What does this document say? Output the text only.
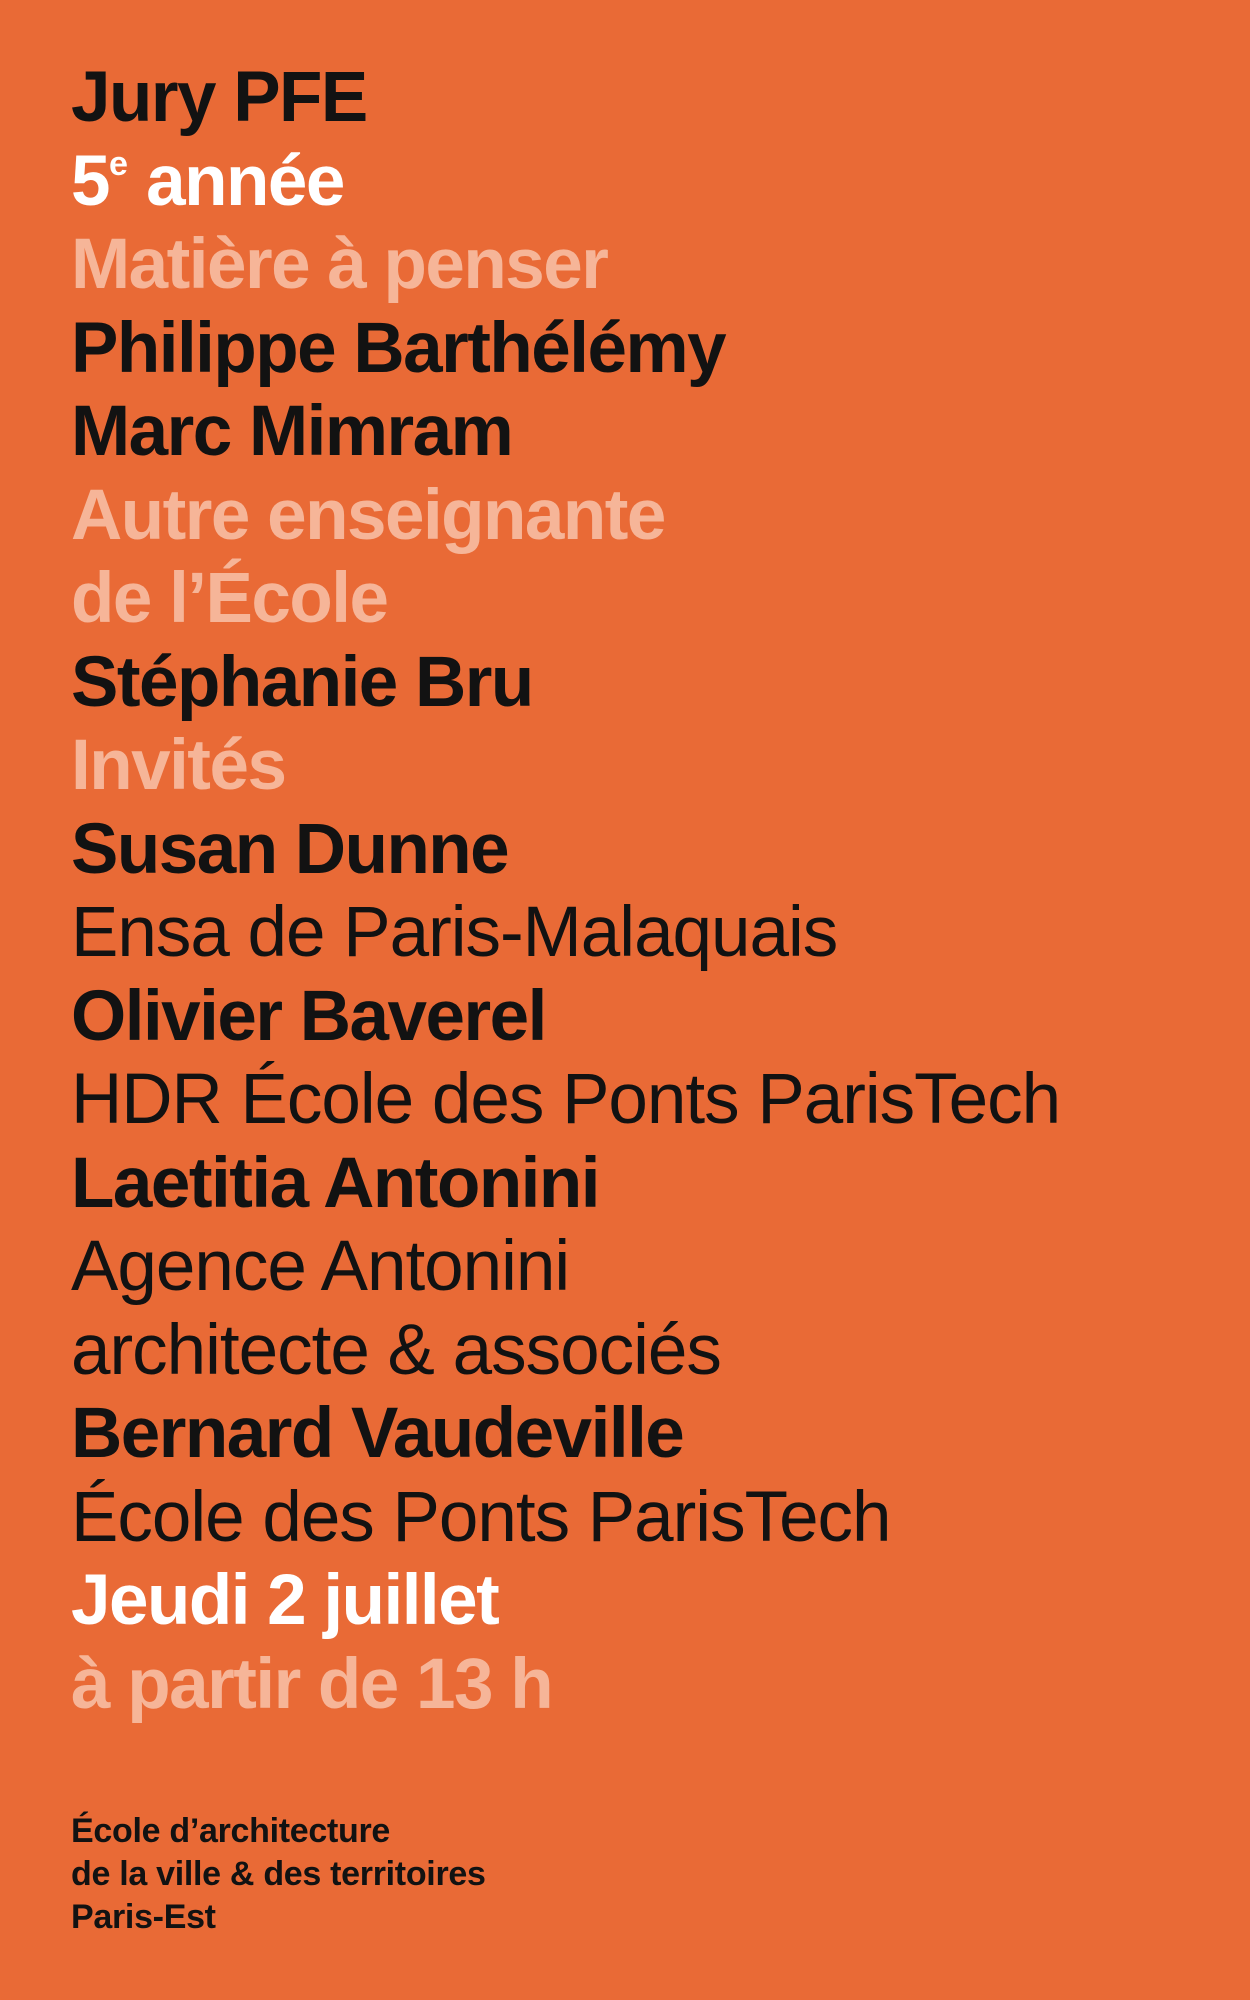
Jury PFE
5e année
Matière à penser
Philippe Barthélémy
Marc Mimram
Autre enseignante
de l’École
Stéphanie Bru
Invités
Susan Dunne
Ensa de Paris-Malaquais
Olivier Baverel
HDR École des Ponts ParisTech
Laetitia Antonini
Agence Antonini
architecte & associés
Bernard Vaudeville
École des Ponts ParisTech
Jeudi 2 juillet
à partir de 13 h
École d’architecture
de la ville & des territoires
Paris-Est
